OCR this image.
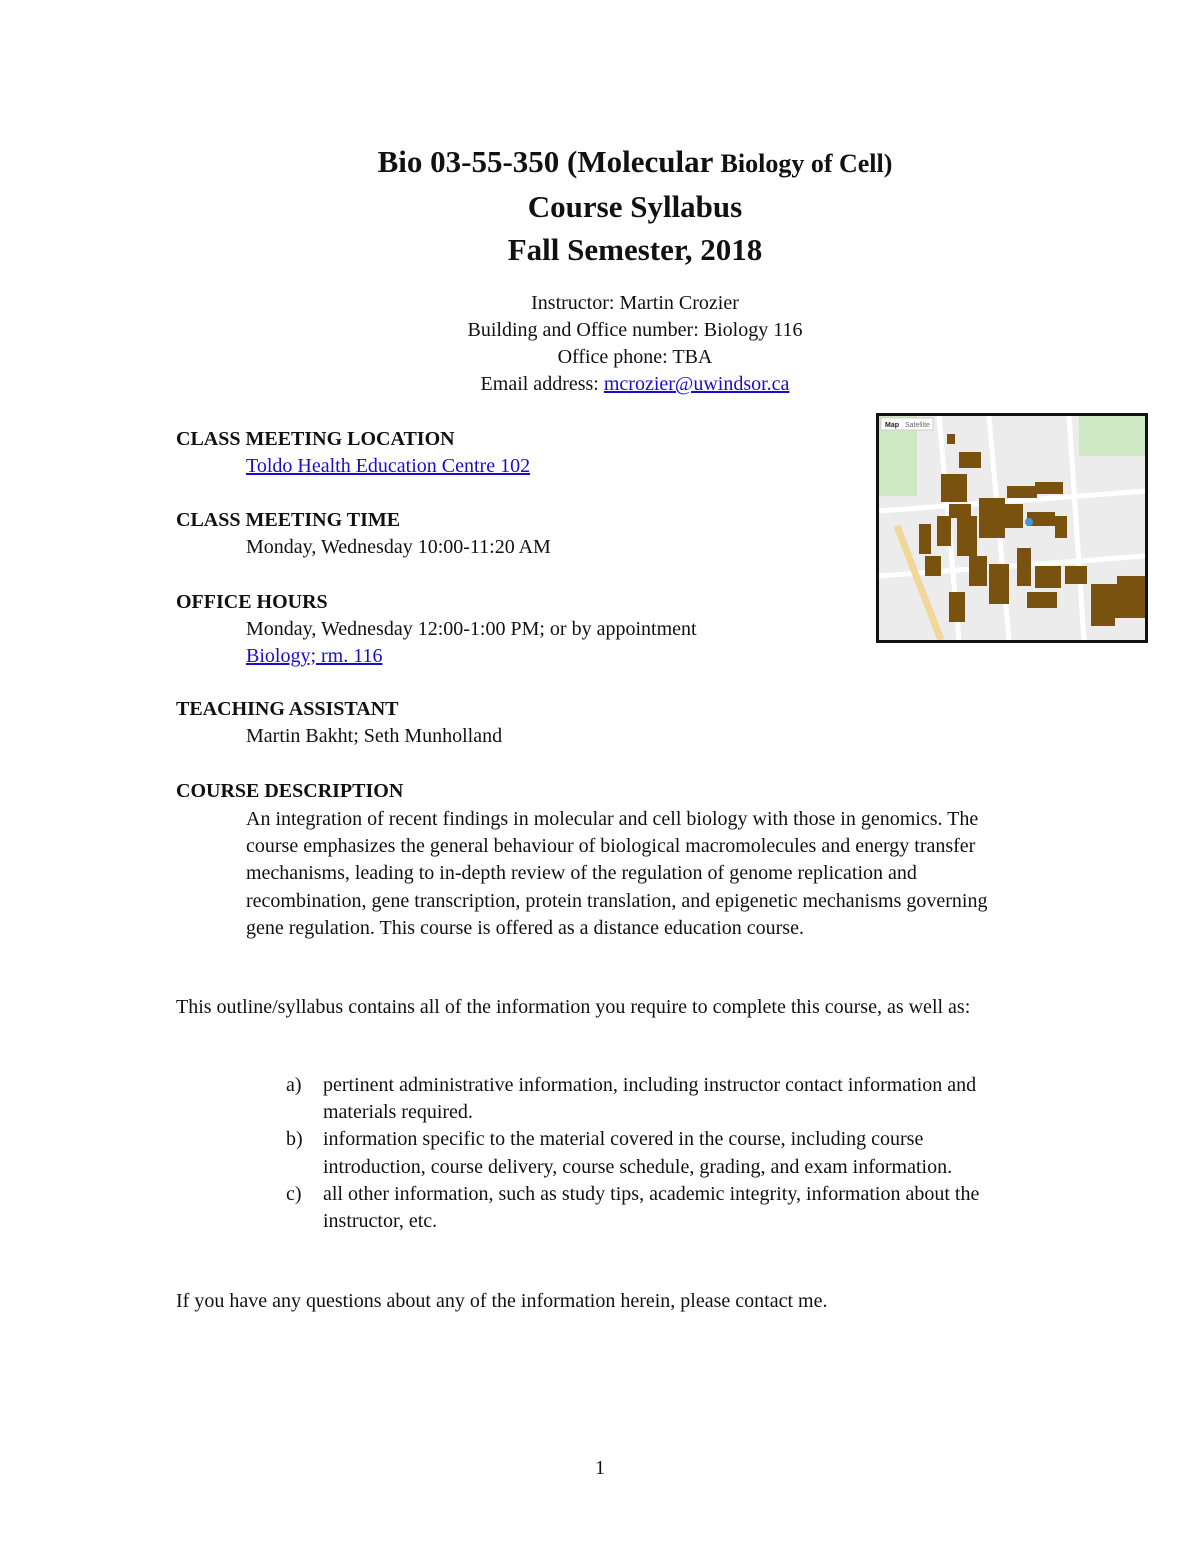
Bio 03-55-350 (Molecular Biology of Cell)
Course Syllabus
Fall Semester, 2018
Instructor: Martin Crozier
Building and Office number: Biology 116
Office phone: TBA
Email address: mcrozier@uwindsor.ca
CLASS MEETING LOCATION
Toldo Health Education Centre 102
CLASS MEETING TIME
Monday, Wednesday 10:00-11:20 AM
OFFICE HOURS
Monday, Wednesday 12:00-1:00 PM; or by appointment
Biology; rm. 116
TEACHING ASSISTANT
Martin Bakht; Seth Munholland
COURSE DESCRIPTION
An integration of recent findings in molecular and cell biology with those in genomics. The course emphasizes the general behaviour of biological macromolecules and energy transfer mechanisms, leading to in-depth review of the regulation of genome replication and recombination, gene transcription, protein translation, and epigenetic mechanisms governing gene regulation. This course is offered as a distance education course.
This outline/syllabus contains all of the information you require to complete this course, as well as:
a)	pertinent administrative information, including instructor contact information and materials required.
b)	information specific to the material covered in the course, including course introduction, course delivery, course schedule, grading, and exam information.
c)	all other information, such as study tips, academic integrity, information about the instructor, etc.
If you have any questions about any of the information herein, please contact me.
Map Satellite
1
